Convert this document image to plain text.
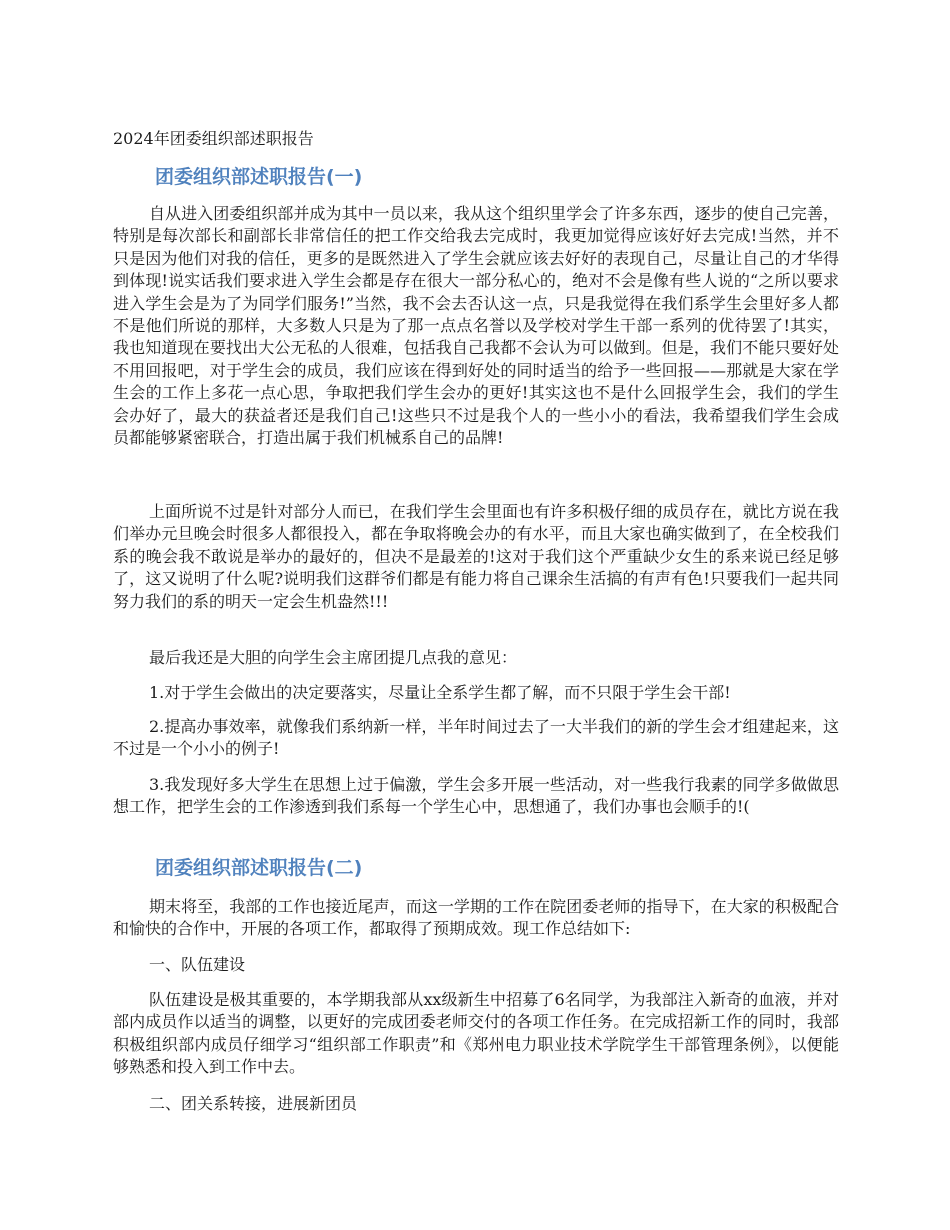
2024年团委组织部述职报告
团委组织部述职报告(一)

自从进入团委组织部并成为其中一员以来，我从这个组织里学会了许多东西，逐步的使自己完善，特别是每次部长和副部长非常信任的把工作交给我去完成时，我更加觉得应该好好去完成!当然，并不只是因为他们对我的信任，更多的是既然进入了学生会就应该去好好的表现自己，尽量让自己的才华得到体现!说实话我们要求进入学生会都是存在很大一部分私心的，绝对不会是像有些人说的“之所以要求进入学生会是为了为同学们服务!”当然，我不会去否认这一点，只是我觉得在我们系学生会里好多人都不是他们所说的那样，大多数人只是为了那一点点名誉以及学校对学生干部一系列的优待罢了!其实，我也知道现在要找出大公无私的人很难，包括我自己我都不会认为可以做到。但是，我们不能只要好处不用回报吧，对于学生会的成员，我们应该在得到好处的同时适当的给予一些回报——那就是大家在学生会的工作上多花一点心思，争取把我们学生会办的更好!其实这也不是什么回报学生会，我们的学生会办好了，最大的获益者还是我们自己!这些只不过是我个人的一些小小的看法，我希望我们学生会成员都能够紧密联合，打造出属于我们机械系自己的品牌!

上面所说不过是针对部分人而已，在我们学生会里面也有许多积极仔细的成员存在，就比方说在我们举办元旦晚会时很多人都很投入，都在争取将晚会办的有水平，而且大家也确实做到了，在全校我们系的晚会我不敢说是举办的最好的，但决不是最差的!这对于我们这个严重缺少女生的系来说已经足够了，这又说明了什么呢?说明我们这群爷们都是有能力将自己课余生活搞的有声有色!只要我们一起共同努力我们的系的明天一定会生机盎然!!!

最后我还是大胆的向学生会主席团提几点我的意见：

1.对于学生会做出的决定要落实，尽量让全系学生都了解，而不只限于学生会干部!

2.提高办事效率，就像我们系纳新一样，半年时间过去了一大半我们的新的学生会才组建起来，这不过是一个小小的例子!

3.我发现好多大学生在思想上过于偏激，学生会多开展一些活动，对一些我行我素的同学多做做思想工作，把学生会的工作渗透到我们系每一个学生心中，思想通了，我们办事也会顺手的!(

团委组织部述职报告(二)

期末将至，我部的工作也接近尾声，而这一学期的工作在院团委老师的指导下，在大家的积极配合和愉快的合作中，开展的各项工作，都取得了预期成效。现工作总结如下:

一、队伍建设

队伍建设是极其重要的，本学期我部从xx级新生中招募了6名同学，为我部注入新奇的血液，并对部内成员作以适当的调整，以更好的完成团委老师交付的各项工作任务。在完成招新工作的同时，我部积极组织部内成员仔细学习“组织部工作职责”和《郑州电力职业技术学院学生干部管理条例》，以便能够熟悉和投入到工作中去。

二、团关系转接，进展新团员
